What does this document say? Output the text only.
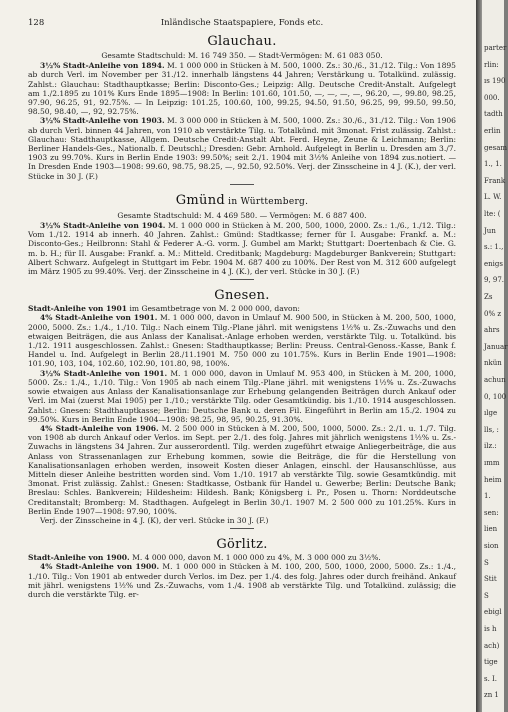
128	Inländische Staatspapiere, Fonds etc.
Glauchau.
Gesamte Stadtschuld: M. 16 749 350. — Stadt-Vermögen: M. 61 083 050.

3½% Stadt-Anleihe von 1894. M. 1 000 000 in Stücken à M. 500, 1000. Zs.: 30./6., 31./12. Tilg.: Von 1895 ab durch Verl. im November per 31./12. innerhalb längstens 44 Jahren; Verstärkung u. Totalkünd. zulässig. Zahlst.: Glauchau: Stadthauptkasse; Berlin: Disconto-Ges.; Leipzig: Allg. Deutsche Credit-Anstalt. Aufgelegt am 1./2.1895 zu 101% Kurs Ende 1895—1908: In Berlin: 101.60, 101.50, —, —, —, —, 96.20, —, 99.80, 98.25, 97.90, 96.25, 91, 92.75%. — In Leipzig: 101.25, 100.60, 100, 99.25, 94.50, 91.50, 96.25, 99, 99.50, 99.50, 98.50, 98.40, —, 92, 92.75%.

3½% Stadt-Anleihe von 1903. M. 3 000 000 in Stücken à M. 500, 1000. Zs.: 30./6., 31./12. Tilg.: Von 1906 ab durch Verl. binnen 44 Jahren, von 1910 ab verstärkte Tilg. u. Totalkünd. mit 3monat. Frist zulässig. Zahlst.: Glauchau: Stadthauptkasse, Allgem. Deutsche Credit-Anstalt Abt. Ferd. Heyne, Zeune & Leichmann; Berlin: Berliner Handels-Ges., Nationalb. f. Deutschl.; Dresden: Gebr. Arnhold. Aufgelegt in Berlin u. Dresden am 3./7. 1903 zu 99.70%. Kurs in Berlin Ende 1903: 99.50%; seit 2./1. 1904 mit 3½% Anleihe von 1894 zus.notiert. — In Dresden Ende 1903—1908: 99.60, 98.75, 98.25, —, 92.50, 92.50%. Verj. der Zinsscheine in 4 J. (K.), der verl. Stücke in 30 J. (F.)

Gmünd in Württemberg.
Gesamte Stadtschuld: M. 4 469 580. — Vermögen: M. 6 887 400.

3½% Stadt-Anleihe von 1904. M. 1 000 000 in Stücken à M. 200, 500, 1000, 2000. Zs.: 1./6., 1./12. Tilg.: Vom 1./12. 1914 ab innerh. 40 Jahren. Zahlst.: Gmünd: Stadtkasse; ferner für I. Ausgabe: Frankf. a. M.: Disconto-Ges.; Heilbronn: Stahl & Federer A.-G. vorm. J. Gumbel am Markt; Stuttgart: Doertenbach & Cie. G. m. b. H.; für II. Ausgabe: Frankf. a. M.: Mitteld. Creditbank; Magdeburg: Magdeburger Bankverein; Stuttgart: Albert Schwarz. Aufgelegt in Stuttgart im Febr. 1904 M. 687 400 zu 100%. Der Rest von M. 312 600 aufgelegt im März 1905 zu 99.40%. Verj. der Zinsscheine in 4 J. (K.), der verl. Stücke in 30 J. (F.)

Gnesen.

Stadt-Anleihe von 1901 im Gesamtbetrage von M. 2 000 000, davon:

4% Stadt-Anleihe von 1901. M. 1 000 000, davon in Umlauf M. 900 500, in Stücken à M. 200, 500, 1000, 2000, 5000. Zs.: 1./4., 1./10. Tilg.: Nach einem Tilg.-Plane jährl. mit wenigstens 1½% u. Zs.-Zuwachs und den etwaigen Beiträgen, die aus Anlass der Kanalisat.-Anlage erhoben werden, verstärkte Tilg. u. Totalkünd. bis 1./12. 1911 ausgeschlossen. Zahlst.: Gnesen: Stadthauptkasse; Berlin: Preuss. Central-Genoss.-Kasse, Bank f. Handel u. Ind. Aufgelegt in Berlin 28./11.1901 M. 750 000 zu 101.75%. Kurs in Berlin Ende 1901—1908: 101.90, 103, 104, 102.60, 102.90, 101.80, 98, 100%.

3½% Stadt-Anleihe von 1901. M. 1 000 000, davon in Umlauf M. 953 400, in Stücken à M. 200, 1000, 5000. Zs.: 1./4., 1./10. Tilg.: Von 1905 ab nach einem Tilg.-Plane jährl. mit wenigstens 1½% u. Zs.-Zuwachs sowie etwaigen aus Anlass der Kanalisationsanlage zur Erhebung gelangenden Beiträgen durch Ankauf oder Verl. im Mai (zuerst Mai 1905) per 1./10.; verstärkte Tilg. oder Gesamtkündig. bis 1./10. 1914 ausgeschlossen. Zahlst.: Gnesen: Stadthauptkasse; Berlin: Deutsche Bank u. deren Fil. Eingeführt in Berlin am 15./2. 1904 zu 99.50%. Kurs in Berlin Ende 1904—1908: 98.25, 98, 95, 90.25, 91.30%.

4% Stadt-Anleihe von 1906. M. 2 500 000 in Stücken à M. 200, 500, 1000, 5000. Zs.: 2./1. u. 1./7. Tilg. von 1908 ab durch Ankauf oder Verlos. im Sept. per 2./1. des folg. Jahres mit jährlich wenigstens 1½% u. Zs.-Zuwachs in längstens 34 Jahren. Zur ausserordentl. Tilg. werden zugeführt etwaige Anliegerbeiträge, die aus Anlass von Strassenanlagen zur Erhebung kommen, sowie die Beiträge, die für die Herstellung von Kanalisationsanlagen erhoben werden, insoweit Kosten dieser Anlagen, einschl. der Hausanschlüsse, aus Mitteln dieser Anleihe bestritten worden sind. Vom 1./10. 1917 ab verstärkte Tilg. sowie Gesamtkündig. mit 3monat. Frist zulässig. Zahlst.: Gnesen: Stadtkasse, Ostbank für Handel u. Gewerbe; Berlin: Deutsche Bank; Breslau: Schles. Bankverein; Hildesheim: Hildesh. Bank; Königsberg i. Pr., Posen u. Thorn: Norddeutsche Creditanstalt; Bromberg: M. Stadthagen. Aufgelegt in Berlin 30./1. 1907 M. 2 500 000 zu 101.25%. Kurs in Berlin Ende 1907—1908: 97.90, 100%.

Verj. der Zinsscheine in 4 J. (K), der verl. Stücke in 30 J. (F.)

Görlitz.

Stadt-Anleihe von 1900. M. 4 000 000, davon M. 1 000 000 zu 4%, M. 3 000 000 zu 3½%.

4% Stadt-Anleihe von 1900. M. 1 000 000 in Stücken à M. 100, 200, 500, 1000, 2000, 5000. Zs.: 1./4., 1./10. Tilg.: Von 1901 ab entweder durch Verlos. im Dez. per 1./4. des folg. Jahres oder durch freihänd. Ankauf mit jährl. wenigstens 1½% und Zs.-Zuwachs, vom 1./4. 1908 ab verstärkte Tilg. und Totalkünd. zulässig; die durch die verstärkte Tilg. er-

parter
rlin:
ıs 190
000.
tadth
erlin
gesam
1., 1.
Frank
L. W.
lte: (
Jun
s.: 1.,
enigs
9, 97.
Zs
0% z
ahrs
Januar
nkün
achun
0, 100
ılge
lls, :
ilz.:
ımm
heim
1.
sen:
lien
sion
S
Stit
S
ebigl
is h
ach)
tige
s. I.
zn 1
